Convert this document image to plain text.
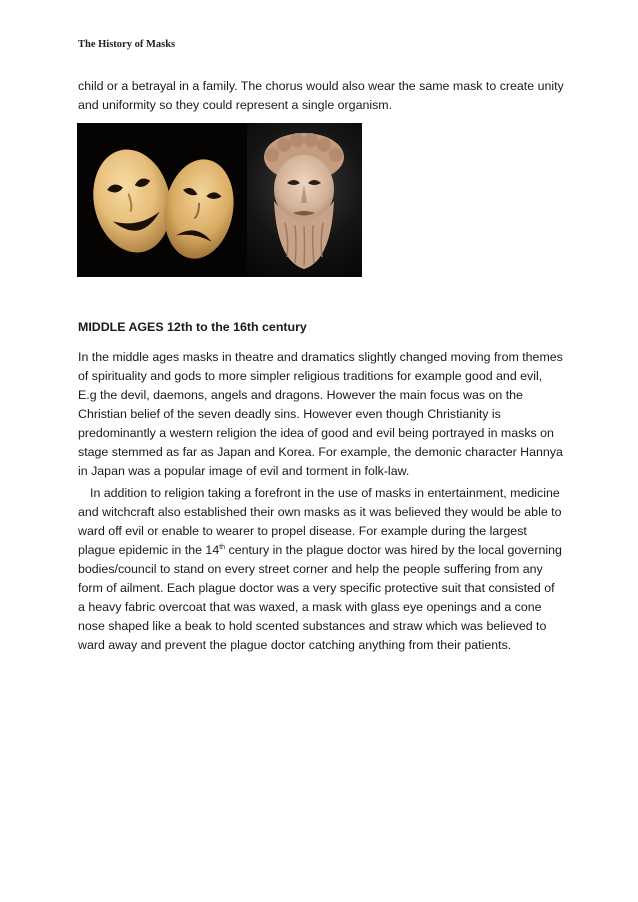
The History of Masks

child or a betrayal in a family. The chorus would also wear the same mask to create unity and uniformity so they could represent a single organism.

MIDDLE AGES 12th to the 16th century

In the middle ages masks in theatre and dramatics slightly changed moving from themes of spirituality and gods to more simpler religious traditions for example good and evil, E.g the devil, daemons, angels and dragons. However the main focus was on the Christian belief of the seven deadly sins. However even though Christianity is predominantly a western religion the idea of good and evil being portrayed in masks on stage stemmed as far as Japan and Korea. For example, the demonic character Hannya in Japan was a popular image of evil and torment in folk-law.

In addition to religion taking a forefront in the use of masks in entertainment, medicine and witchcraft also established their own masks as it was believed they would be able to ward off evil or enable to wearer to propel disease. For example during the largest plague epidemic in the 14th century in the plague doctor was hired by the local governing bodies/council to stand on every street corner and help the people suffering from any form of ailment. Each plague doctor was a very specific protective suit that consisted of a heavy fabric overcoat that was waxed, a mask with glass eye openings and a cone nose shaped like a beak to hold scented substances and straw which was believed to ward away and prevent the plague doctor catching anything from their patients.
